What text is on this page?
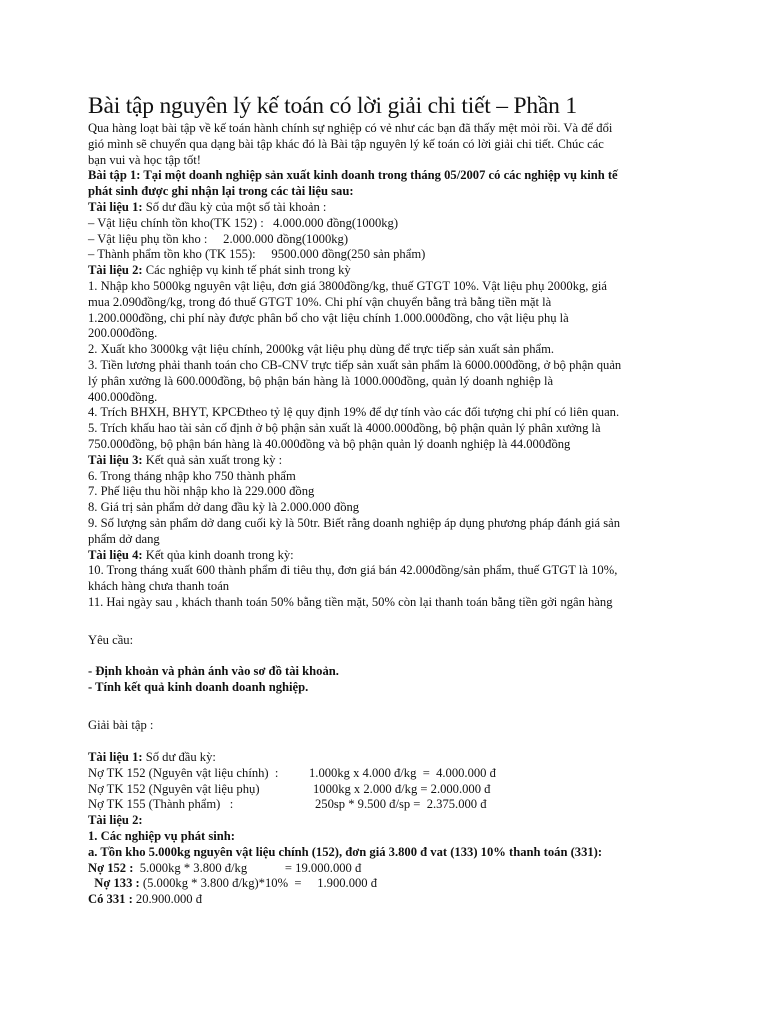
Bài tập nguyên lý kế toán có lời giải chi tiết – Phần 1
Qua hàng loạt bài tập về kế toán hành chính sự nghiệp có vẻ như các bạn đã thấy mệt mỏi rồi. Và để đổi
gió mình sẽ chuyển qua dạng bài tập khác đó là Bài tập nguyên lý kế toán có lời giải chi tiết. Chúc các
bạn vui và học tập tốt!
Bài tập 1: Tại một doanh nghiệp sản xuất kinh doanh trong tháng 05/2007 có các nghiệp vụ kinh tế
phát sinh được ghi nhận lại trong các tài liệu sau:
Tài liệu 1: Số dư đầu kỳ của một số tài khoản :
– Vật liệu chính tồn kho(TK 152) :   4.000.000 đồng(1000kg)
– Vật liệu phụ tồn kho :     2.000.000 đồng(1000kg)
– Thành phẩm tồn kho (TK 155):     9500.000 đồng(250 sản phẩm)
Tài liệu 2: Các nghiệp vụ kinh tế phát sinh trong kỳ
1. Nhập kho 5000kg nguyên vật liệu, đơn giá 3800đồng/kg, thuế GTGT 10%. Vật liệu phụ 2000kg, giá
mua 2.090đồng/kg, trong đó thuế GTGT 10%. Chi phí vận chuyển bằng trả bằng tiền mặt là
1.200.000đồng, chi phí này được phân bổ cho vật liệu chính 1.000.000đồng, cho vật liệu phụ là
200.000đồng.
2. Xuất kho 3000kg vật liệu chính, 2000kg vật liệu phụ dùng để trực tiếp sản xuất sản phẩm.
3. Tiền lương phải thanh toán cho CB-CNV trực tiếp sản xuất sản phẩm là 6000.000đồng, ở bộ phận quản
lý phân xưởng là 600.000đồng, bộ phận bán hàng là 1000.000đồng, quản lý doanh nghiệp là
400.000đồng.
4. Trích BHXH, BHYT, KPCĐtheo tỷ lệ quy định 19% để dự tính vào các đối tượng chi phí có liên quan.
5. Trích khấu hao tài sản cố định ở bộ phận sản xuất là 4000.000đồng, bộ phận quản lý phân xưởng là
750.000đồng, bộ phận bán hàng là 40.000đồng và bộ phận quản lý doanh nghiệp là 44.000đồng
Tài liệu 3: Kết quả sản xuất trong kỳ :
6. Trong tháng nhập kho 750 thành phẩm
7. Phế liệu thu hồi nhập kho là 229.000 đồng
8. Giá trị sản phẩm dở dang đầu kỳ là 2.000.000 đồng
9. Số lượng sản phẩm dở dang cuối kỳ là 50tr. Biết rằng doanh nghiệp áp dụng phương pháp đánh giá sản
phẩm dở dang
Tài liệu 4: Kết qủa kinh doanh trong kỳ:
10. Trong tháng xuất 600 thành phẩm đi tiêu thụ, đơn giá bán 42.000đồng/sản phẩm, thuế GTGT là 10%,
khách hàng chưa thanh toán
11. Hai ngày sau , khách thanh toán 50% bằng tiền mặt, 50% còn lại thanh toán bằng tiền gởi ngân hàng
Yêu cầu:
- Định khoản và phản ánh vào sơ đồ tài khoản.
- Tính kết quả kinh doanh doanh nghiệp.
Giải bài tập :
Tài liệu 1: Số dư đầu kỳ:
Nợ TK 152 (Nguyên vật liệu chính)  : 1.000kg x 4.000 đ/kg  =  4.000.000 đ
Nợ TK 152 (Nguyên vật liệu phụ)	1000kg x 2.000 đ/kg = 2.000.000 đ
Nợ TK 155 (Thành phẩm)   :	250sp * 9.500 đ/sp =  2.375.000 đ
Tài liệu 2:
1. Các nghiệp vụ phát sinh:
a. Tồn kho 5.000kg nguyên vật liệu chính (152), đơn giá 3.800 đ vat (133) 10% thanh toán (331):
Nợ 152 :  5.000kg * 3.800 đ/kg            = 19.000.000 đ
Nợ 133 : (5.000kg * 3.800 đ/kg)*10%  =     1.900.000 đ
Có 331 : 20.900.000 đ
